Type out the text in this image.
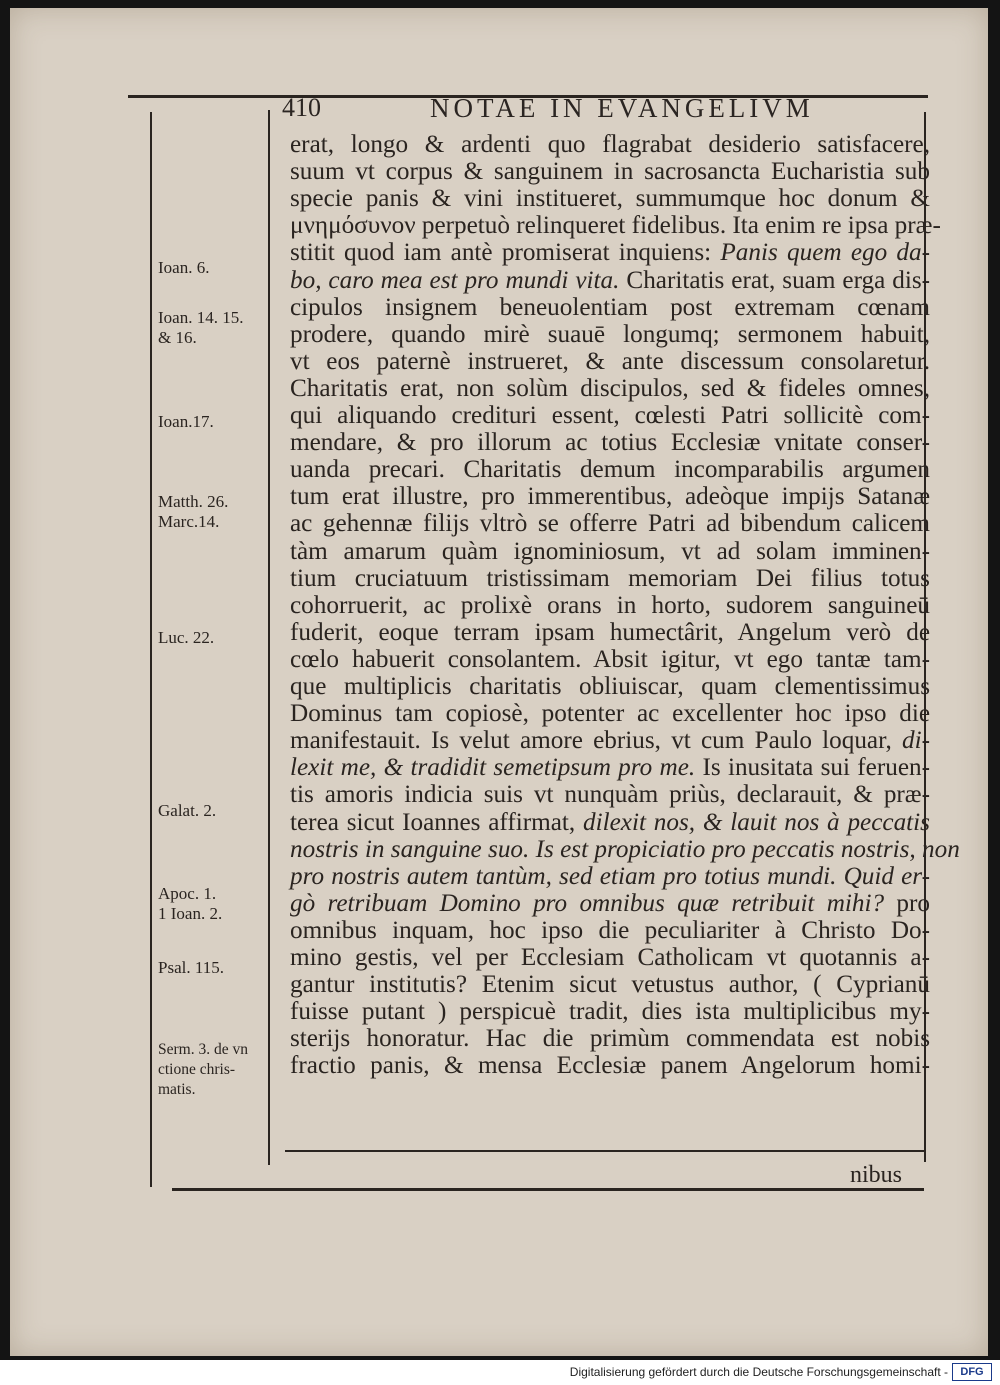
410	NOTAE IN EVANGELIVM
Ioan. 6.
Ioan. 14. 15.
& 16.
Ioan.17.
Matth. 26.
Marc.14.
Luc. 22.
Galat. 2.
Apoc. 1.
1 Ioan. 2.
Psal. 115.
Serm. 3. de vn
ctione chris-
matis.
erat, longo & ardenti quo flagrabat desiderio satisfacere,
suum vt corpus & sanguinem in sacrosancta Eucharistia sub
specie panis & vini institueret, summumque hoc donum &
μνημόσυνον perpetuò relinqueret fidelibus. Ita enim re ipsa præ-
stitit quod iam antè promiserat inquiens: Panis quem ego da-
bo, caro mea est pro mundi vita. Charitatis erat, suam erga dis-
cipulos insignem beneuolentiam post extremam cœnam
prodere, quando mirè suauē longumq; sermonem habuit,
vt eos paternè instrueret, & ante discessum consolaretur.
Charitatis erat, non solùm discipulos, sed & fideles omnes,
qui aliquando credituri essent, cœlesti Patri sollicitè com-
mendare, & pro illorum ac totius Ecclesiæ vnitate conser-
uanda precari. Charitatis demum incomparabilis argumen
tum erat illustre, pro immerentibus, adeòque impijs Satanæ
ac gehennæ filijs vltrò se offerre Patri ad bibendum calicem
tàm amarum quàm ignominiosum, vt ad solam imminen-
tium cruciatuum tristissimam memoriam Dei filius totus
cohorruerit, ac prolixè orans in horto, sudorem sanguineū
fuderit, eoque terram ipsam humectârit, Angelum verò de
cœlo habuerit consolantem. Absit igitur, vt ego tantæ tam-
que multiplicis charitatis obliuiscar, quam clementissimus
Dominus tam copiosè, potenter ac excellenter hoc ipso die
manifestauit. Is velut amore ebrius, vt cum Paulo loquar, di-
lexit me, & tradidit semetipsum pro me. Is inusitata sui feruen-
tis amoris indicia suis vt nunquàm priùs, declarauit, & præ-
terea sicut Ioannes affirmat, dilexit nos, & lauit nos à peccatis
nostris in sanguine suo. Is est propiciatio pro peccatis nostris, non
pro nostris autem tantùm, sed etiam pro totius mundi. Quid er-
gò retribuam Domino pro omnibus quæ retribuit mihi? pro
omnibus inquam, hoc ipso die peculiariter à Christo Do-
mino gestis, vel per Ecclesiam Catholicam vt quotannis a-
gantur institutis? Etenim sicut vetustus author, ( Cyprianū
fuisse putant ) perspicuè tradit, dies ista multiplicibus my-
sterijs honoratur. Hac die primùm commendata est nobis
fractio panis, & mensa Ecclesiæ panem Angelorum homi-
nibus
Digitalisierung gefördert durch die Deutsche Forschungsgemeinschaft -	DFG
